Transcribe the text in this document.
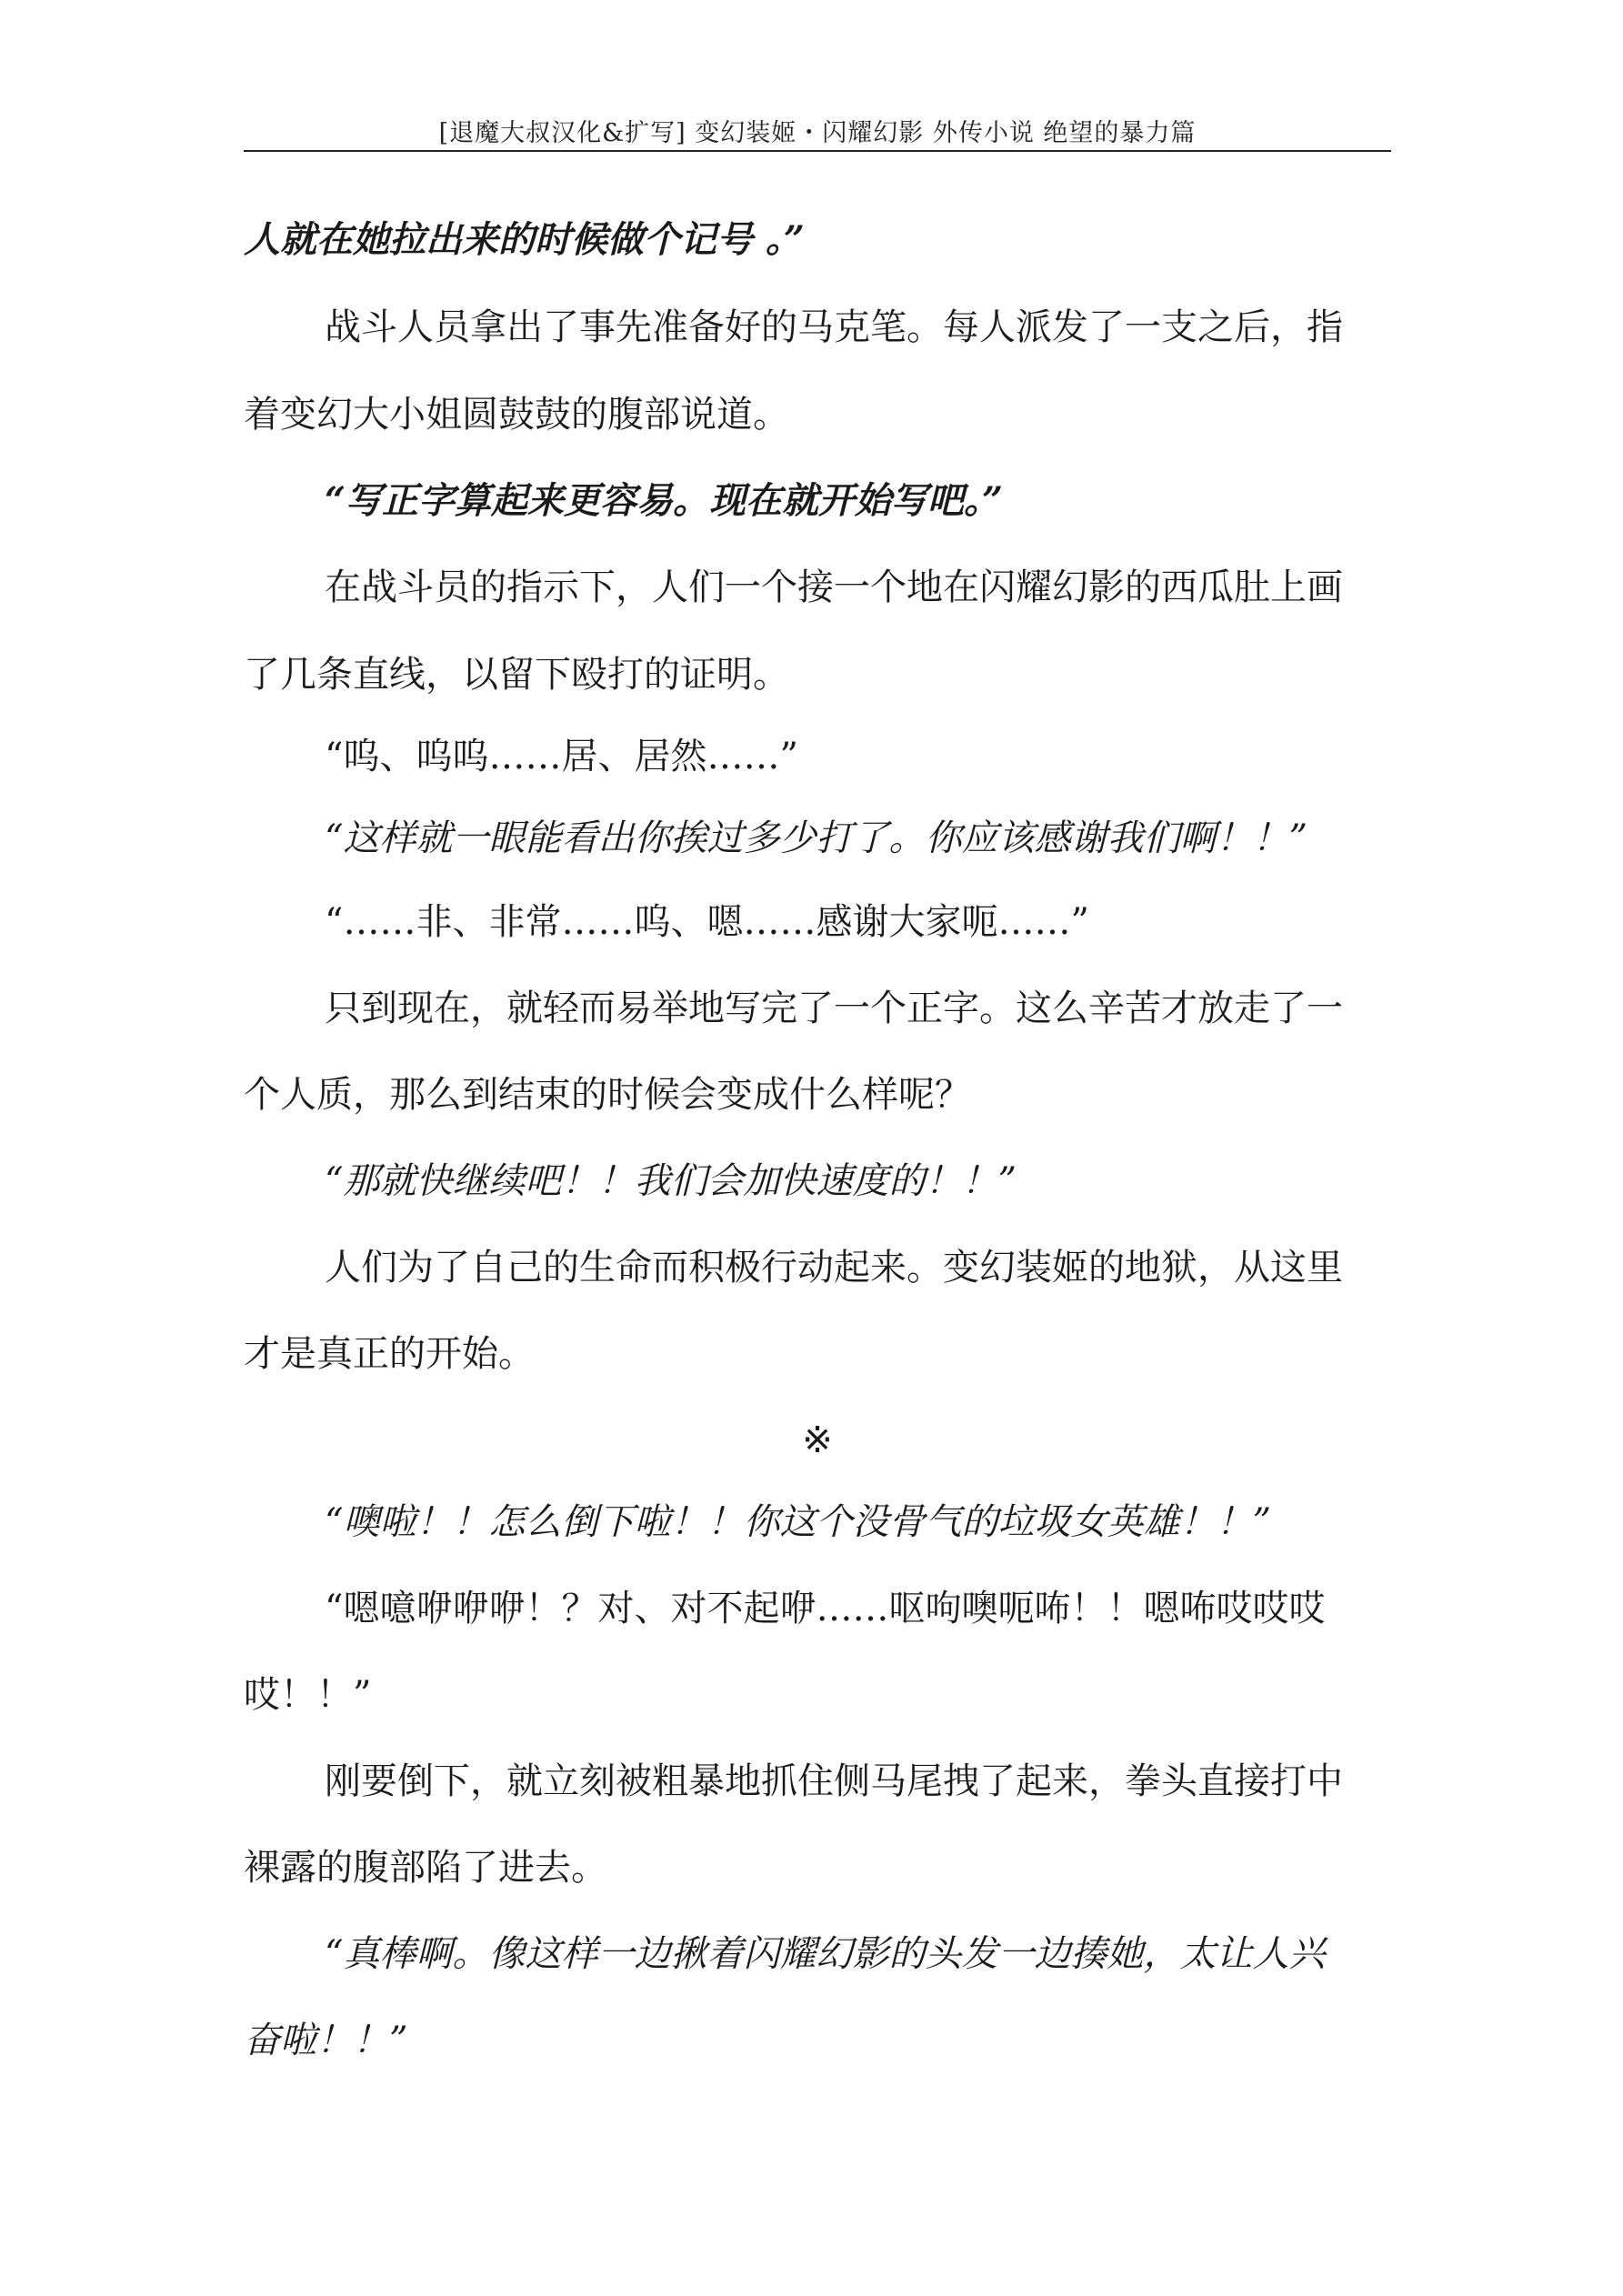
[退魔大叔汉化&扩写] 变幻装姬・闪耀幻影 外传小说 绝望的暴力篇
人就在她拉出来的时候做个记号 。”
战斗人员拿出了事先准备好的马克笔。每人派发了一支之后，指
着变幻大小姐圆鼓鼓的腹部说道。
“写正字算起来更容易。现在就开始写吧。”
在战斗员的指示下，人们一个接一个地在闪耀幻影的西瓜肚上画
了几条直线，以留下殴打的证明。
“呜、呜呜……居、居然……”
“这样就一眼能看出你挨过多少打了。你应该感谢我们啊！！”
“……非、非常……呜、嗯……感谢大家呃……”
只到现在，就轻而易举地写完了一个正字。这么辛苦才放走了一
个人质，那么到结束的时候会变成什么样呢？
“那就快继续吧！！我们会加快速度的！！”
人们为了自己的生命而积极行动起来。变幻装姬的地狱，从这里
才是真正的开始。
※
“噢啦！！怎么倒下啦！！你这个没骨气的垃圾女英雄！！”
“嗯噫咿咿咿！？对、对不起咿……呕呴噢呃咘！！嗯咘哎哎哎
哎！！”
刚要倒下，就立刻被粗暴地抓住侧马尾拽了起来，拳头直接打中
裸露的腹部陷了进去。
“真棒啊。像这样一边揪着闪耀幻影的头发一边揍她，太让人兴
奋啦！！”
